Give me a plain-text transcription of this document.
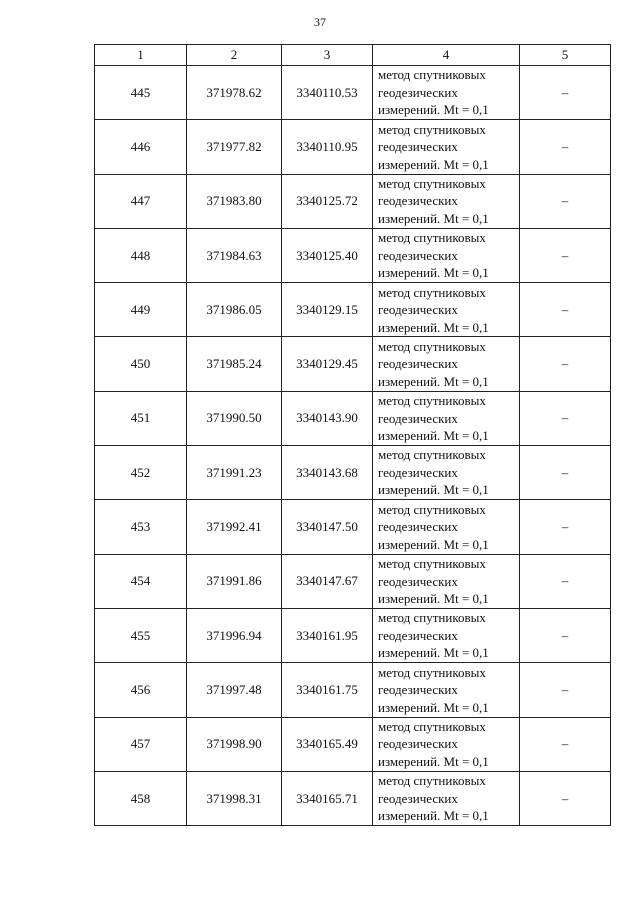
37
1	2	3	4	5
445	371978.62	3340110.53	метод спутниковых геодезических измерений. Mt = 0,1	–
446	371977.82	3340110.95	метод спутниковых геодезических измерений. Mt = 0,1	–
447	371983.80	3340125.72	метод спутниковых геодезических измерений. Mt = 0,1	–
448	371984.63	3340125.40	метод спутниковых геодезических измерений. Mt = 0,1	–
449	371986.05	3340129.15	метод спутниковых геодезических измерений. Mt = 0,1	–
450	371985.24	3340129.45	метод спутниковых геодезических измерений. Mt = 0,1	–
451	371990.50	3340143.90	метод спутниковых геодезических измерений. Mt = 0,1	–
452	371991.23	3340143.68	метод спутниковых геодезических измерений. Mt = 0,1	–
453	371992.41	3340147.50	метод спутниковых геодезических измерений. Mt = 0,1	–
454	371991.86	3340147.67	метод спутниковых геодезических измерений. Mt = 0,1	–
455	371996.94	3340161.95	метод спутниковых геодезических измерений. Mt = 0,1	–
456	371997.48	3340161.75	метод спутниковых геодезических измерений. Mt = 0,1	–
457	371998.90	3340165.49	метод спутниковых геодезических измерений. Mt = 0,1	–
458	371998.31	3340165.71	метод спутниковых геодезических измерений. Mt = 0,1	–
